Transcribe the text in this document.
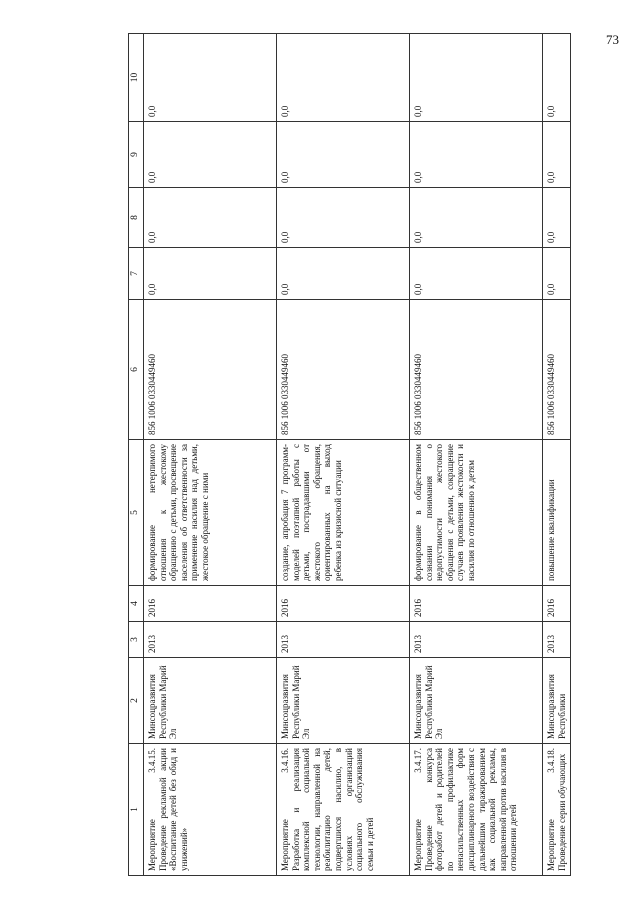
73
1	2	3	4	5	6	7	8	9	10
Мероприятие 3.4.15. Проведение рекламной акции «Воспитание детей без обид и унижений»	Минсоцразвития Республики Марий Эл	2013	2016	формирование нетерпимого отношения к жестокому обращению с детьми, просвещение населения об ответственности за применение насилия над детьми, жестокое обращение с ними	856 1006 0330449460	0,0	0,0	0,0	0,0
Мероприятие 3.4.16. Разработка и реализация комплексной социальной технологии, направленной на реабилитацию детей, подвергшихся насилию, в условиях организаций социального обслуживания семьи и детей	Минсоцразвития Республики Марий Эл	2013	2016	создание, апробация 7 программ-моделей поэтапной работы с детьми, пострадавшими от жестокого обращения, ориентированных на выход ребенка из кризисной ситуации	856 1006 0330449460	0,0	0,0	0,0	0,0
Мероприятие 3.4.17. Проведение конкурса фоторабот детей и родителей по профилактике ненасильственных форм дисциплинарного воздействия с дальнейшим тиражированием как социальной рекламы, направленной против насилия в отношении детей	Минсоцразвития Республики Марий Эл	2013	2016	формирование в общественном сознании понимания о недопустимости жестокого обращения с детьми, сокращение случаев проявления жестокости и насилия по отношению к детям	856 1006 0330449460	0,0	0,0	0,0	0,0
Мероприятие 3.4.18. Проведение серии обучающих	Минсоцразвития Республики	2013	2016	повышение квалификации	856 1006 0330449460	0,0	0,0	0,0	0,0
